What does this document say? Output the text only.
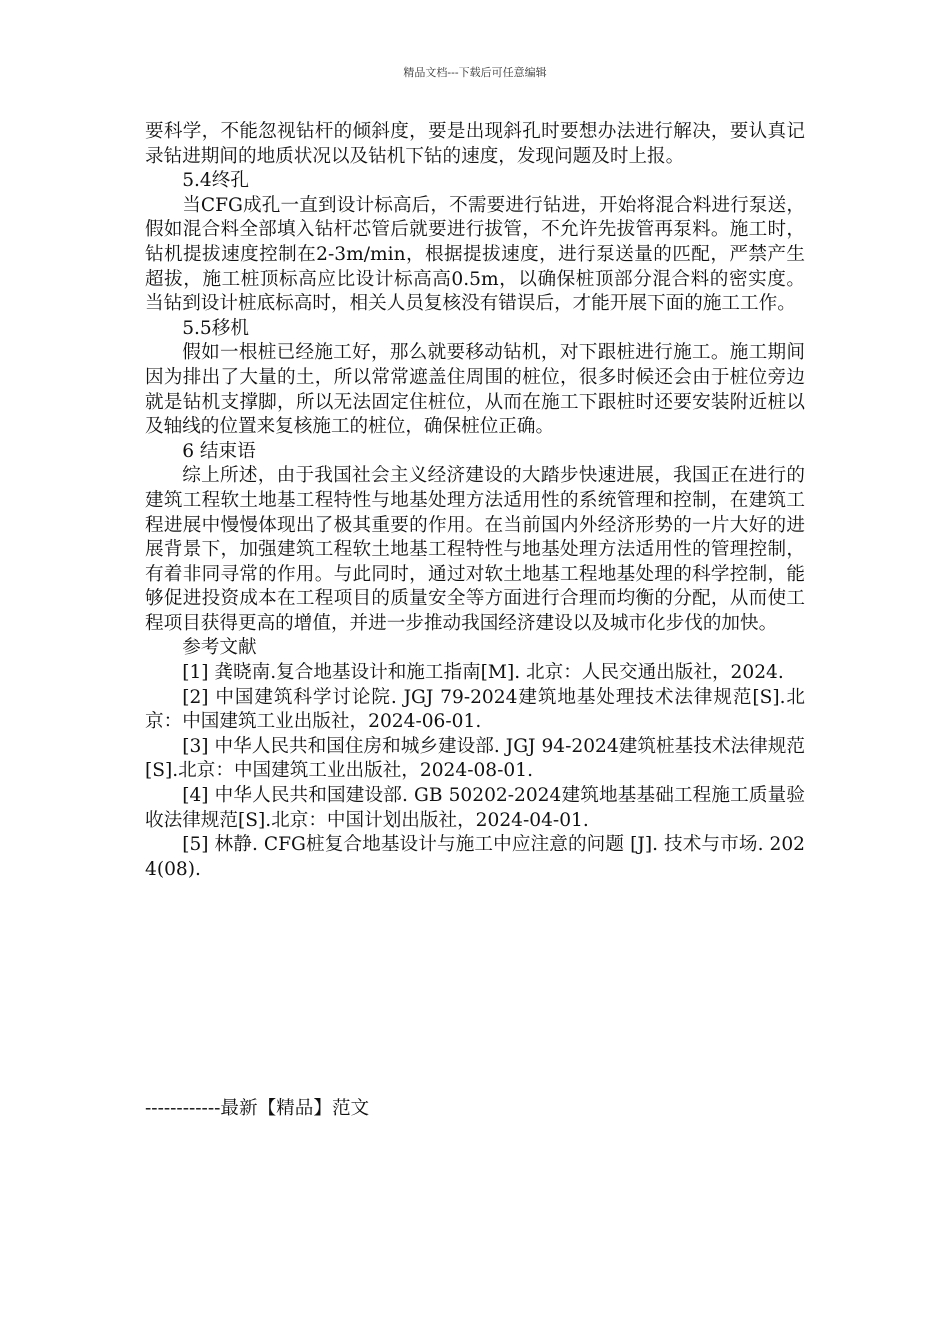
精品文档---下载后可任意编辑

要科学，不能忽视钻杆的倾斜度，要是出现斜孔时要想办法进行解决，要认真记录钻进期间的地质状况以及钻机下钻的速度，发现问题及时上报。

5.4终孔

当CFG成孔一直到设计标高后，不需要进行钻进，开始将混合料进行泵送，假如混合料全部填入钻杆芯管后就要进行拔管，不允许先拔管再泵料。施工时，钻机提拔速度控制在2-3m/min，根据提拔速度，进行泵送量的匹配，严禁产生超拔，施工桩顶标高应比设计标高高0.5m，以确保桩顶部分混合料的密实度。当钻到设计桩底标高时，相关人员复核没有错误后，才能开展下面的施工工作。

5.5移机

假如一根桩已经施工好，那么就要移动钻机，对下跟桩进行施工。施工期间因为排出了大量的土，所以常常遮盖住周围的桩位，很多时候还会由于桩位旁边就是钻机支撑脚，所以无法固定住桩位，从而在施工下跟桩时还要安装附近桩以及轴线的位置来复核施工的桩位，确保桩位正确。

6 结束语

综上所述，由于我国社会主义经济建设的大踏步快速进展，我国正在进行的建筑工程软土地基工程特性与地基处理方法适用性的系统管理和控制，在建筑工程进展中慢慢体现出了极其重要的作用。在当前国内外经济形势的一片大好的进展背景下，加强建筑工程软土地基工程特性与地基处理方法适用性的管理控制，有着非同寻常的作用。与此同时，通过对软土地基工程地基处理的科学控制，能够促进投资成本在工程项目的质量安全等方面进行合理而均衡的分配，从而使工程项目获得更高的增值，并进一步推动我国经济建设以及城市化步伐的加快。

参考文献

[1] 龚晓南.复合地基设计和施工指南[M]. 北京：人民交通出版社，2024.

[2] 中国建筑科学讨论院. JGJ 79-2024建筑地基处理技术法律规范[S].北京：中国建筑工业出版社，2024-06-01.

[3] 中华人民共和国住房和城乡建设部. JGJ 94-2024建筑桩基技术法律规范[S].北京：中国建筑工业出版社，2024-08-01.

[4] 中华人民共和国建设部. GB 50202-2024建筑地基基础工程施工质量验收法律规范[S].北京：中国计划出版社，2024-04-01.

[5] 林静. CFG桩复合地基设计与施工中应注意的问题 [J]. 技术与市场. 2024(08).

------------最新【精品】范文
